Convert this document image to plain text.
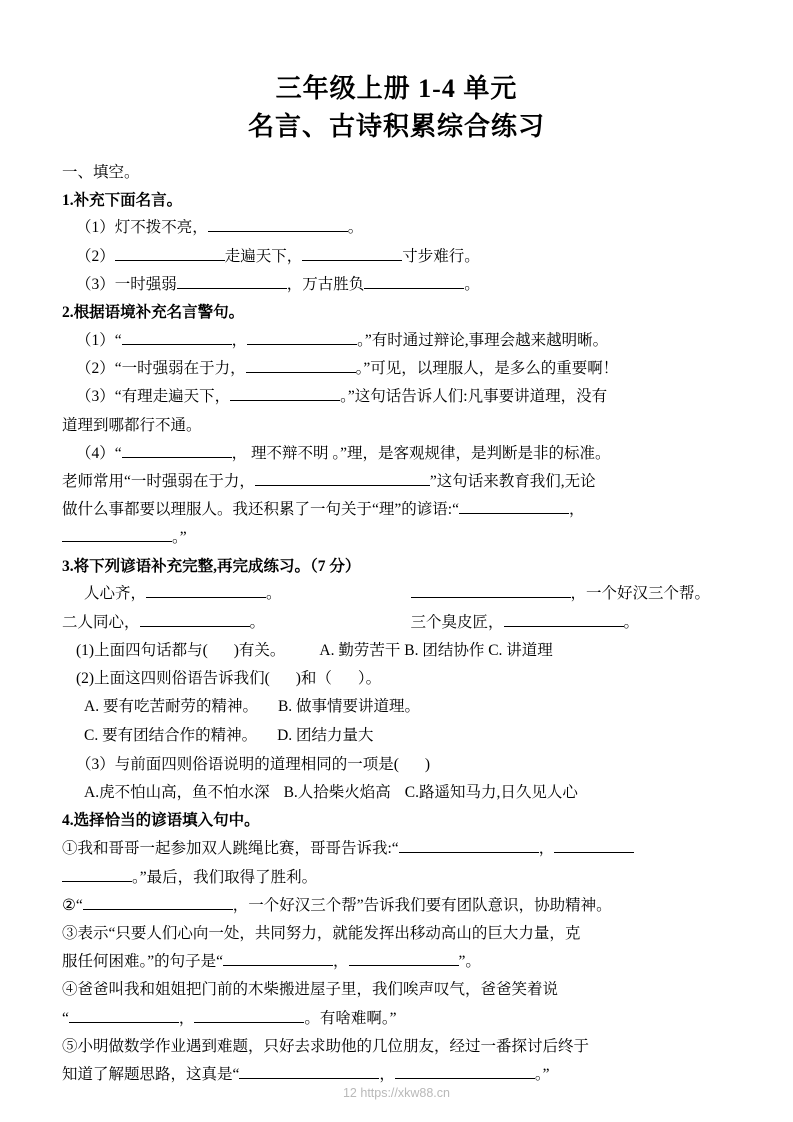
三年级上册 1-4 单元
名言、古诗积累综合练习
一、填空。
1.补充下面名言。
（1）灯不拨不亮，	。
（2）	走遍天下，	寸步难行。
（3）一时强弱	，万古胜负	。
2.根据语境补充名言警句。
（1）“	，	。”有时通过辩论,事理会越来越明晰。
（2）“一时强弱在于力，	。”可见，以理服人，是多么的重要啊！
（3）“有理走遍天下，	。”这句话告诉人们:凡事要讲道理，没有
道理到哪都行不通。
（4）“	， 理不辩不明 。”理，是客观规律，是判断是非的标准。
老师常用“一时强弱在于力，	”这句话来教育我们,无论
做什么事都要以理服人。我还积累了一句关于“理”的谚语:“	，
。”
3.将下列谚语补充完整,再完成练习。（7 分）
人心齐，	。	，一个好汉三个帮。
二人同心，	。	三个臭皮匠，	。
(1)上面四句话都与( )有关。 A. 勤劳苦干 B. 团结协作 C. 讲道理
(2)上面这四则俗语告诉我们( )和（ ）。
A. 要有吃苦耐劳的精神。 B. 做事情要讲道理。
C. 要有团结合作的精神。 D. 团结力量大
（3）与前面四则俗语说明的道理相同的一项是( )
A.虎不怕山高，鱼不怕水深 B.人拾柴火焰高 C.路遥知马力,日久见人心
4.选择恰当的谚语填入句中。
①我和哥哥一起参加双人跳绳比赛，哥哥告诉我:“	，
。”最后，我们取得了胜利。
②“	，一个好汉三个帮”告诉我们要有团队意识，协助精神。
③表示“只要人们心向一处，共同努力，就能发挥出移动高山的巨大力量，克
服任何困难。”的句子是“	，	”。
④爸爸叫我和姐姐把门前的木柴搬进屋子里，我们唉声叹气，爸爸笑着说
“	，	。有啥难啊。”
⑤小明做数学作业遇到难题，只好去求助他的几位朋友，经过一番探讨后终于
知道了解题思路，这真是“	，	。”
12 https://xkw88.cn
